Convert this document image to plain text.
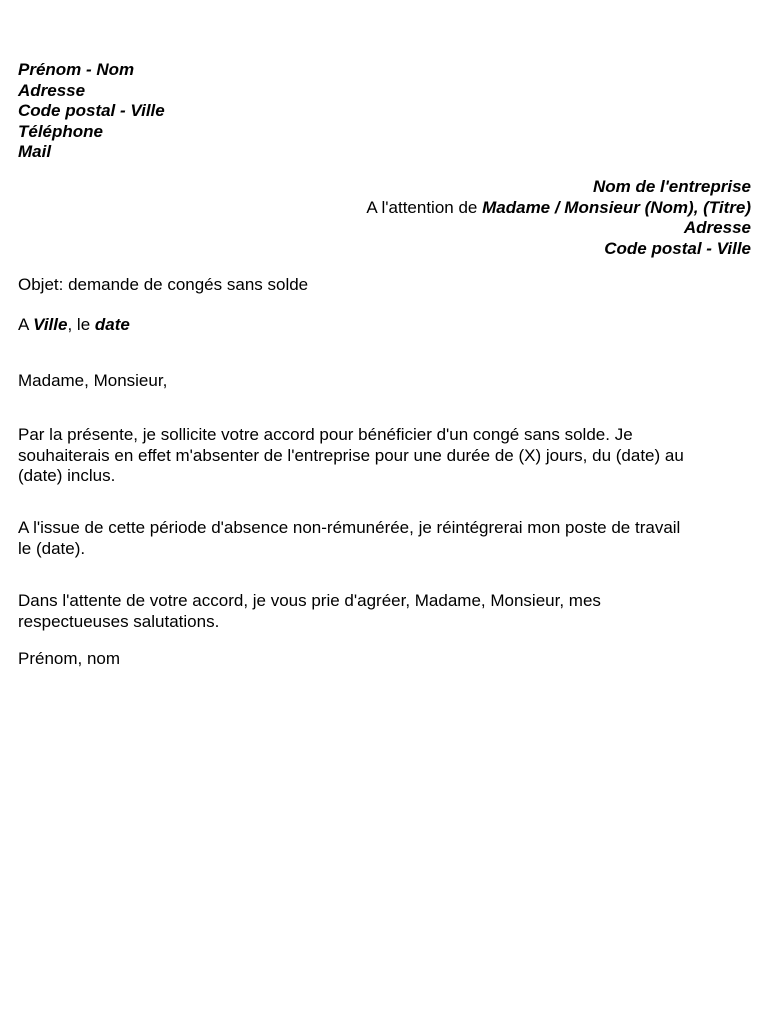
Prénom - Nom
Adresse
Code postal - Ville
Téléphone
Mail
Nom de l'entreprise
A l'attention de Madame / Monsieur (Nom), (Titre)
Adresse
Code postal - Ville
Objet: demande de congés sans solde
A Ville, le date
Madame, Monsieur,
Par la présente, je sollicite votre accord pour bénéficier d'un congé sans solde. Je
souhaiterais en effet m'absenter de l'entreprise pour une durée de (X) jours, du (date) au
(date) inclus.
A l'issue de cette période d'absence non-rémunérée, je réintégrerai mon poste de travail
le (date).
Dans l'attente de votre accord, je vous prie d'agréer, Madame, Monsieur, mes
respectueuses salutations.
Prénom, nom
